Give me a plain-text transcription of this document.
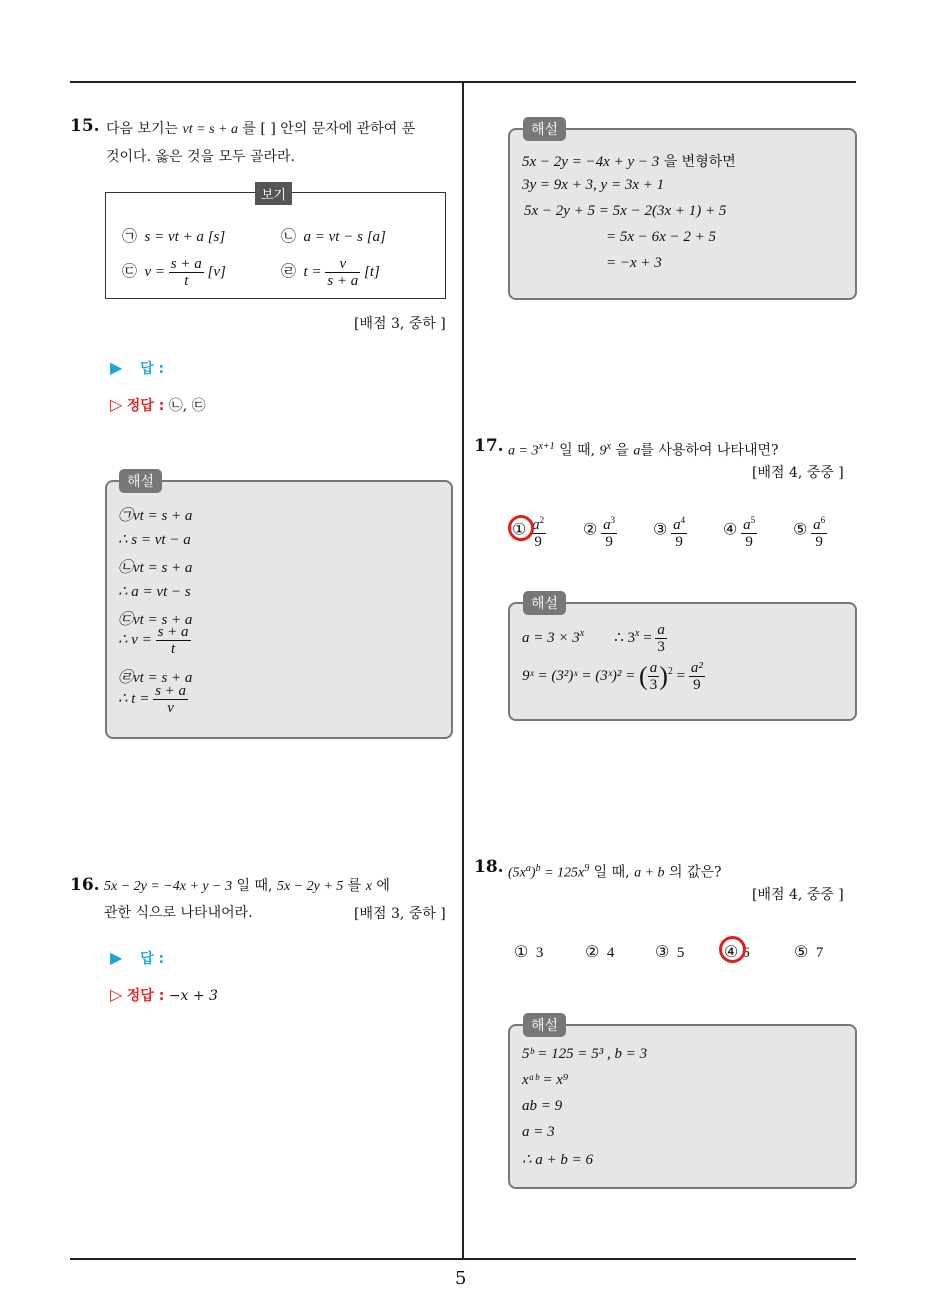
5
15. 다음 보기는 vt = s + a 를 [ ] 안의 문자에 관하여 푼
것이다. 옳은 것을 모두 골라라.
보기
㉠ s = vt + a [s]	㉡ a = vt − s [a]
㉢ $v = \frac{s + a}{t} [v]$	㉣ $t = \frac{v}{s + a} [t]$
[배점 3, 중하 ]
▶ 답 :
▷ 정답 : ㉡, ㉢
해설
㉠vt = s + a
∴ s = vt − a
㉡vt = s + a
∴ a = vt − s
㉢vt = s + a
∴ $v = \frac{s + a}{t}$
㉣vt = s + a
∴ $t = \frac{s + a}{v}$
16. 5x − 2y = −4x + y − 3 일 때, 5x − 2y + 5 를 x 에
관한 식으로 나타내어라.	[배점 3, 중하 ]
▶ 답 :
▷ 정답 : −x + 3
해설
5x − 2y = −4x + y − 3 을 변형하면
3y = 9x + 3, y = 3x + 1
5x − 2y + 5 = 5x − 2(3x + 1) + 5
= 5x − 6x − 2 + 5
= −x + 3
17. $a = 3^{x+1}$ 일 때, 9$^x$ 을 a를 사용하여 나타내면?
[배점 4, 중중 ]
① $\frac{a^2}{9}$ ② $\frac{a^3}{9}$ ③ $\frac{a^4}{9}$ ④ $\frac{a^5}{9}$ ⑤ $\frac{a^6}{9}$
해설
$a = 3 \times 3^x$ ∴ $3^x = \frac{a}{3}$
9ˣ = (3²)ˣ = (3ˣ)² = ( $\frac{a}{3} )^2 = \frac{\text{a²}}{9}$
18. $(5x^a)^b = 125x^9$ 일 때, a + b 의 값은?
[배점 4, 중중 ]
① 3	② 4	③ 5 ④ 6	⑤ 7
해설
5ᵇ = 125 = 5³ , b = 3
xᵃᵇ = x⁹
ab = 9
a = 3
∴ a + b = 6
